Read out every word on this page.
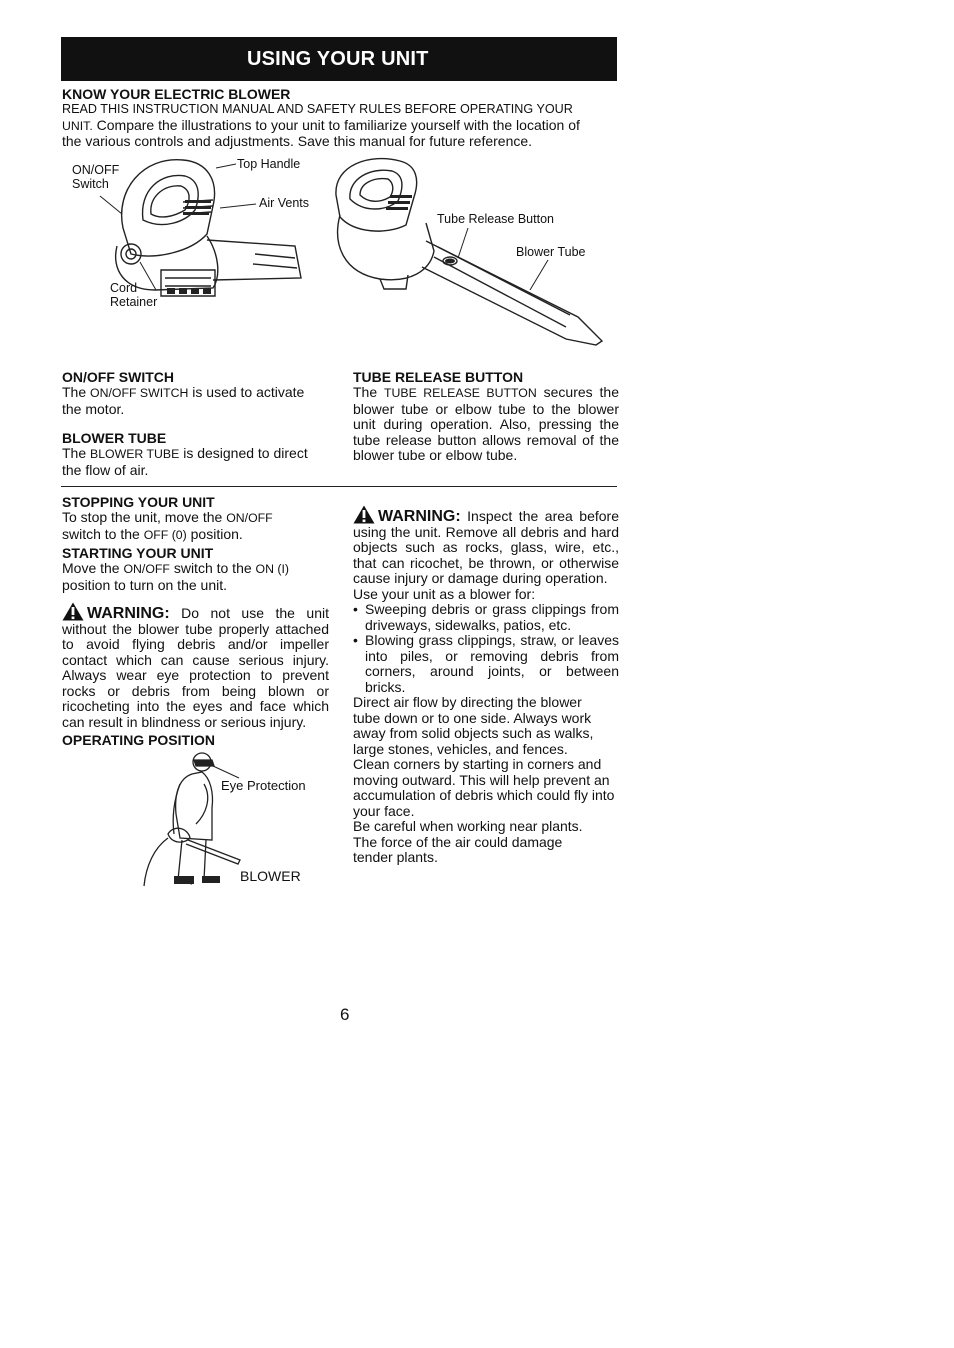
USING YOUR UNIT

KNOW YOUR ELECTRIC BLOWER

READ THIS INSTRUCTION MANUAL AND SAFETY RULES BEFORE OPERATING YOUR

UNIT. Compare the illustrations to your unit to familiarize yourself with the location of

the various controls and adjustments. Save this manual for future reference.

ON/OFF
Switch
Top Handle
Air Vents
Cord
Retainer
Tube Release Button
Blower Tube

ON/OFF SWITCH

The ON/OFF SWITCH is used to activate
the motor.

BLOWER TUBE

The BLOWER TUBE is designed to direct
the flow of air.

TUBE RELEASE BUTTON

The TUBE RELEASE BUTTON secures the blower tube or elbow tube to the blower unit during operation. Also, pressing the tube release button allows removal of the blower tube or elbow tube.

STOPPING YOUR UNIT

To stop the unit, move the ON/OFF
switch to the OFF (0) position.

STARTING YOUR UNIT

Move the ON/OFF switch to the ON (I)
position to turn on the unit.

WARNING: Do not use the unit without the blower tube properly attached to avoid flying debris and/or impeller contact which can cause serious injury. Always wear eye protection to prevent rocks or debris from being blown or ricocheting into the eyes and face which can result in blindness or serious injury.

OPERATING POSITION

Eye Protection
BLOWER

WARNING: Inspect the area before using the unit. Remove all debris and hard objects such as rocks, glass, wire, etc., that can ricochet, be thrown, or otherwise cause injury or damage during operation.

Use your unit as a blower for:

• Sweeping debris or grass clippings from driveways, sidewalks, patios, etc.
• Blowing grass clippings, straw, or leaves into piles, or removing debris from corners, around joints, or between bricks.

Direct air flow by directing the blower tube down or to one side. Always work away from solid objects such as walks, large stones, vehicles, and fences.

Clean corners by starting in corners and moving outward. This will help prevent an accumulation of debris which could fly into your face.

Be careful when working near plants. The force of the air could damage tender plants.

6
